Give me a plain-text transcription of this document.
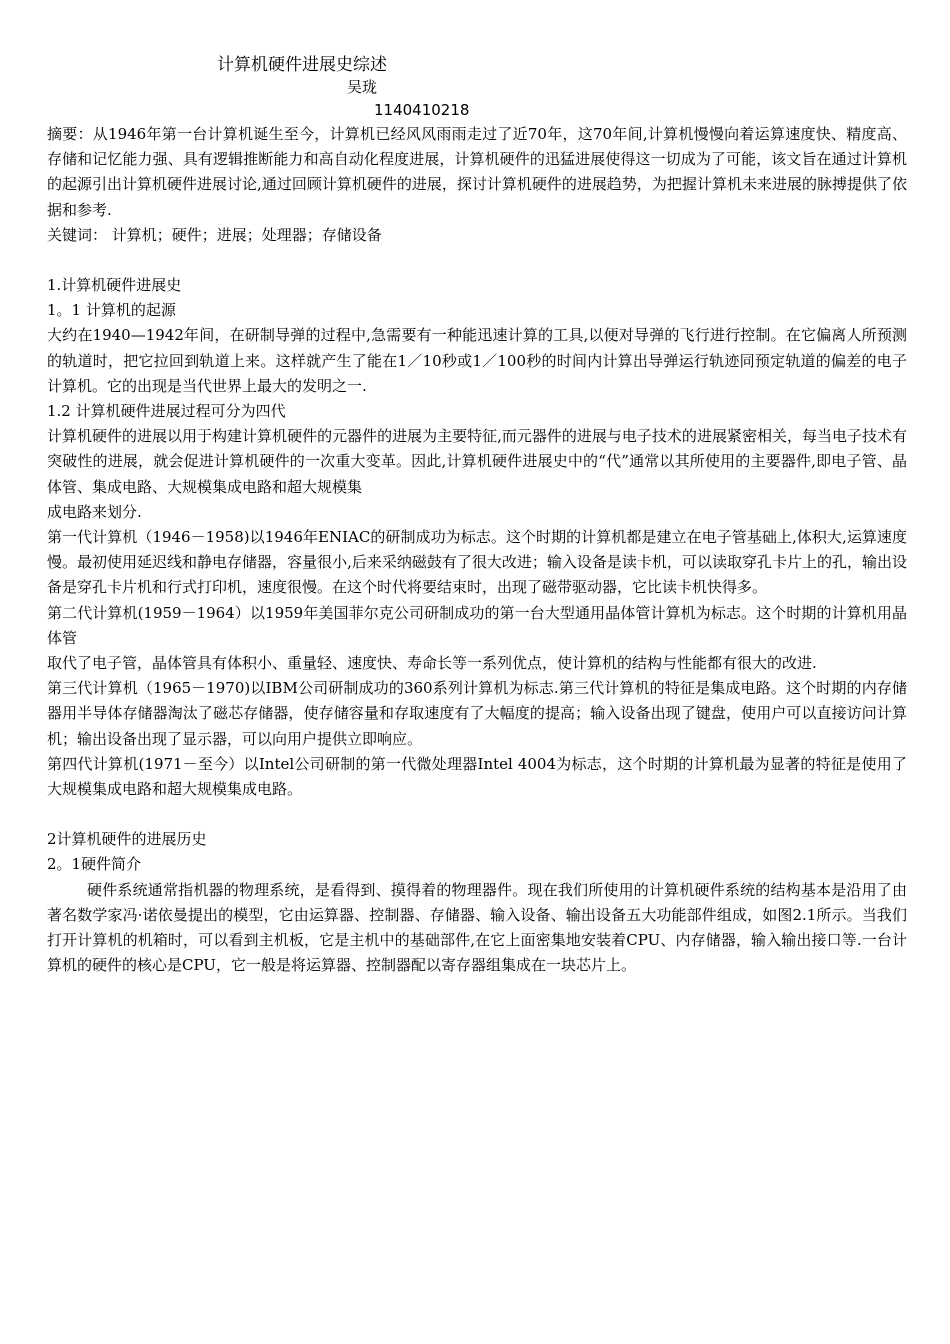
计算机硬件进展史综述
吴珑
1140410218

摘要：从1946年第一台计算机诞生至今，计算机已经风风雨雨走过了近70年，这70年间,计算机慢慢向着运算速度快、精度高、存储和记忆能力强、具有逻辑推断能力和高自动化程度进展，计算机硬件的迅猛进展使得这一切成为了可能，该文旨在通过计算机的起源引出计算机硬件进展讨论,通过回顾计算机硬件的进展，探讨计算机硬件的进展趋势，为把握计算机未来进展的脉搏提供了依据和参考.

关键词： 计算机；硬件；进展；处理器；存储设备

1.计算机硬件进展史

1。1 计算机的起源

大约在1940—1942年间，在研制导弹的过程中,急需要有一种能迅速计算的工具,以便对导弹的飞行进行控制。在它偏离人所预测的轨道时，把它拉回到轨道上来。这样就产生了能在1／10秒或1／100秒的时间内计算出导弹运行轨迹同预定轨道的偏差的电子计算机。它的出现是当代世界上最大的发明之一.

1.2 计算机硬件进展过程可分为四代

计算机硬件的进展以用于构建计算机硬件的元器件的进展为主要特征,而元器件的进展与电子技术的进展紧密相关，每当电子技术有突破性的进展，就会促进计算机硬件的一次重大变革。因此,计算机硬件进展史中的“代”通常以其所使用的主要器件,即电子管、晶体管、集成电路、大规模集成电路和超大规模集

成电路来划分.

第一代计算机（1946－1958)以1946年ENIAC的研制成功为标志。这个时期的计算机都是建立在电子管基础上,体积大,运算速度慢。最初使用延迟线和静电存储器，容量很小,后来采纳磁鼓有了很大改进；输入设备是读卡机，可以读取穿孔卡片上的孔，输出设备是穿孔卡片机和行式打印机，速度很慢。在这个时代将要结束时，出现了磁带驱动器，它比读卡机快得多。

第二代计算机(1959－1964）以1959年美国菲尔克公司研制成功的第一台大型通用晶体管计算机为标志。这个时期的计算机用晶体管

取代了电子管，晶体管具有体积小、重量轻、速度快、寿命长等一系列优点，使计算机的结构与性能都有很大的改进.

第三代计算机（1965－1970)以IBM公司研制成功的360系列计算机为标志.第三代计算机的特征是集成电路。这个时期的内存储器用半导体存储器淘汰了磁芯存储器，使存储容量和存取速度有了大幅度的提高；输入设备出现了键盘，使用户可以直接访问计算机；输出设备出现了显示器，可以向用户提供立即响应。

第四代计算机(1971－至今）以Intel公司研制的第一代微处理器Intel 4004为标志，这个时期的计算机最为显著的特征是使用了大规模集成电路和超大规模集成电路。

2计算机硬件的进展历史

2。1硬件简介

硬件系统通常指机器的物理系统，是看得到、摸得着的物理器件。现在我们所使用的计算机硬件系统的结构基本是沿用了由著名数学家冯·诺依曼提出的模型，它由运算器、控制器、存储器、输入设备、输出设备五大功能部件组成，如图2.1所示。当我们打开计算机的机箱时，可以看到主机板，它是主机中的基础部件,在它上面密集地安装着CPU、内存储器，输入输出接口等.一台计算机的硬件的核心是CPU，它一般是将运算器、控制器配以寄存器组集成在一块芯片上。
